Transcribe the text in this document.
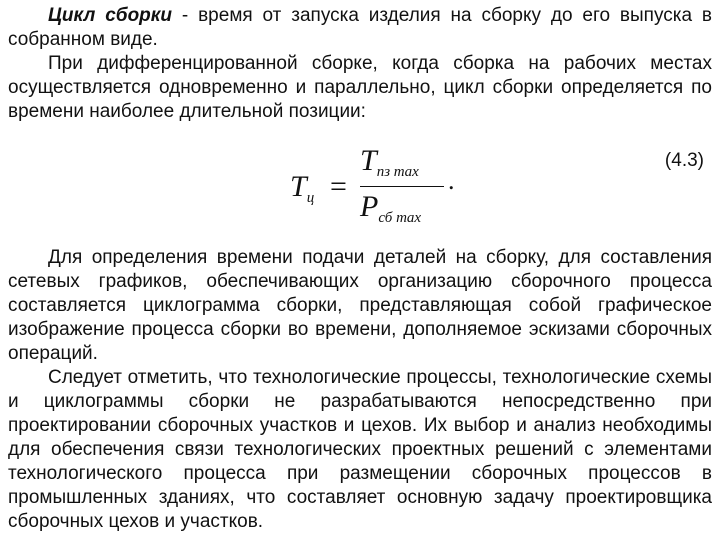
Цикл сборки - время от запуска изделия на сборку до его выпуска в собранном виде.

При дифференцированной сборке, когда сборка на рабочих местах осуществляется одновременно и параллельно, цикл сборки определяется по времени наиболее длительной позиции:

$T_ц$ =
$T_{пз max}$
$P_{сб max}$
.
(4.3)

Для определения времени подачи деталей на сборку, для составления сетевых графиков, обеспечивающих организацию сборочного процесса составляется циклограмма сборки, представляющая собой графическое изображение процесса сборки во времени, дополняемое эскизами сборочных операций.

Следует отметить, что технологические процессы, технологические схемы и циклограммы сборки не разрабатываются непосредственно при проектировании сборочных участков и цехов. Их выбор и анализ необходимы для обеспечения связи технологических проектных решений с элементами технологического процесса при размещении сборочных процессов в промышленных зданиях, что составляет основную задачу проектировщика сборочных цехов и участков.
